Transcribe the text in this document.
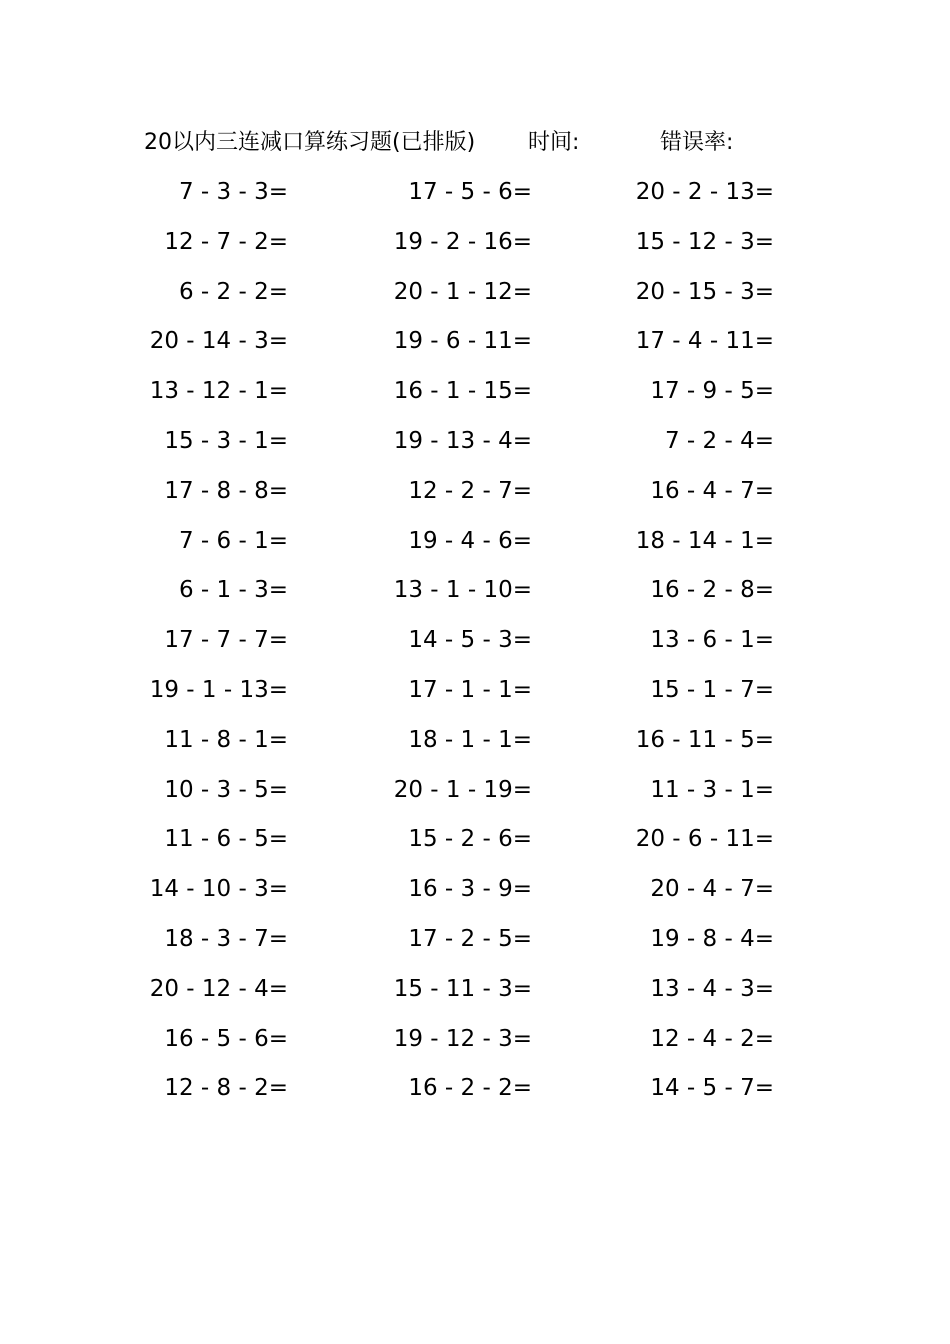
20以内三连减口算练习题(已排版) 时间:	错误率:
7 - 3 - 3=	17 - 5 - 6=	20 - 2 - 13=
12 - 7 - 2=	19 - 2 - 16=	15 - 12 - 3=
6 - 2 - 2=	20 - 1 - 12=	20 - 15 - 3=
20 - 14 - 3=	19 - 6 - 11=	17 - 4 - 11=
13 - 12 - 1=	16 - 1 - 15=	17 - 9 - 5=
15 - 3 - 1=	19 - 13 - 4=	7 - 2 - 4=
17 - 8 - 8=	12 - 2 - 7=	16 - 4 - 7=
7 - 6 - 1=	19 - 4 - 6=	18 - 14 - 1=
6 - 1 - 3=	13 - 1 - 10=	16 - 2 - 8=
17 - 7 - 7=	14 - 5 - 3=	13 - 6 - 1=
19 - 1 - 13=	17 - 1 - 1=	15 - 1 - 7=
11 - 8 - 1=	18 - 1 - 1=	16 - 11 - 5=
10 - 3 - 5=	20 - 1 - 19=	11 - 3 - 1=
11 - 6 - 5=	15 - 2 - 6=	20 - 6 - 11=
14 - 10 - 3=	16 - 3 - 9=	20 - 4 - 7=
18 - 3 - 7=	17 - 2 - 5=	19 - 8 - 4=
20 - 12 - 4=	15 - 11 - 3=	13 - 4 - 3=
16 - 5 - 6=	19 - 12 - 3=	12 - 4 - 2=
12 - 8 - 2=	16 - 2 - 2=	14 - 5 - 7=
